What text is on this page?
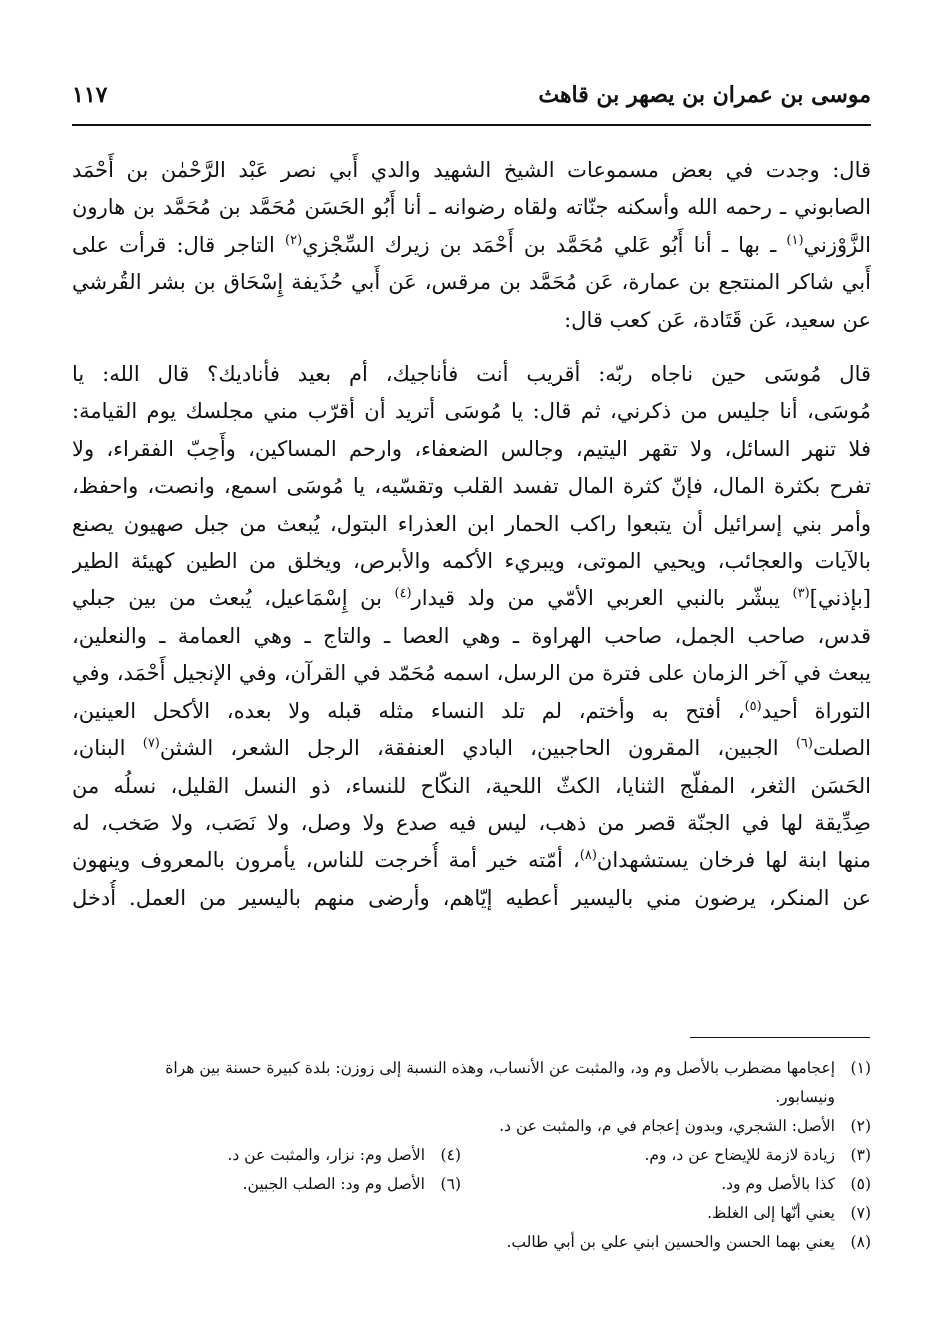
موسى بن عمران بن يصهر بن قاهث
١١٧

قال: وجدت في بعض مسموعات الشيخ الشهيد والدي أَبي نصر عَبْد الرَّحْمٰن بن أَحْمَد
الصابوني ـ رحمه الله وأسكنه جنّاته ولقاه رضوانه ـ أنا أَبُو الحَسَن مُحَمَّد بن مُحَمَّد بن هارون
الزَّوْزني$^{(١)}$ ـ بها ـ أنا أَبُو عَلي مُحَمَّد بن أَحْمَد بن زيرك السِّجْزي$^{(٢)}$ التاجر قال: قرأت على
أَبي شاكر المنتجع بن عمارة، عَن مُحَمَّد بن مرقس، عَن أَبي حُذَيفة إِسْحَاق بن بشر القُرشي
عن سعيد، عَن قَتَادة، عَن كعب قال:

قال مُوسَى حين ناجاه ربّه: أقريب أنت فأناجيك، أم بعيد فأناديك؟ قال الله: يا
مُوسَى، أنا جليس من ذكرني، ثم قال: يا مُوسَى أتريد أن أقرّب مني مجلسك يوم القيامة:
فلا تنهر السائل، ولا تقهر اليتيم، وجالس الضعفاء، وارحم المساكين، وأَحِبّ الفقراء، ولا
تفرح بكثرة المال، فإنّ كثرة المال تفسد القلب وتقسّيه، يا مُوسَى اسمع، وانصت، واحفظ،
وأمر بني إسرائيل أن يتبعوا راكب الحمار ابن العذراء البتول، يُبعث من جبل صهيون يصنع
بالآيات والعجائب، ويحيي الموتى، ويبريء الأكمه والأبرص، ويخلق من الطين كهيئة الطير
[بإذني]$^{(٣)}$ يبشّر بالنبي العربي الأمّي من ولد قيدار$^{(٤)}$ بن إِسْمَاعيل، يُبعث من بين جبلي
قدس، صاحب الجمل، صاحب الهراوة ـ وهي العصا ـ والتاج ـ وهي العمامة ـ والنعلين،
يبعث في آخر الزمان على فترة من الرسل، اسمه مُحَمّد في القرآن، وفي الإنجيل أَحْمَد، وفي
التوراة أحيد$^{(٥)}$، أفتح به وأختم، لم تلد النساء مثله قبله ولا بعده، الأكحل العينين،
الصلت$^{(٦)}$ الجبين، المقرون الحاجبين، البادي العنفقة، الرجل الشعر، الشثن$^{(٧)}$ البنان،
الحَسَن الثغر، المفلّج الثنايا، الكثّ اللحية، النكّاح للنساء، ذو النسل القليل، نسلُه من
صِدِّيقة لها في الجنّة قصر من ذهب، ليس فيه صدع ولا وصل، ولا نَصَب، ولا صَخب، له
منها ابنة لها فرخان يستشهدان$^{(٨)}$، أمّته خير أمة أُخرجت للناس، يأمرون بالمعروف وينهون
عن المنكر، يرضون مني باليسير أعطيه إيّاهم، وأرضى منهم باليسير من العمل. أُدخل

(١)
إعجامها مضطرب بالأصل وم ود، والمثبت عن الأنساب، وهذه النسبة إلى زوزن: بلدة كبيرة حسنة بين هراة
ونيسابور.
(٢)
الأصل: الشجري، وبدون إعجام في م، والمثبت عن د.
(٣)
زيادة لازمة للإيضاح عن د، وم.
(٤)
الأصل وم: نزار، والمثبت عن د.
(٥)
كذا بالأصل وم ود.
(٦)
الأصل وم ود: الصلب الجبين.
(٧)
يعني أنّها إلى الغلظ.
(٨)
يعني بهما الحسن والحسين ابني علي بن أبي طالب.
